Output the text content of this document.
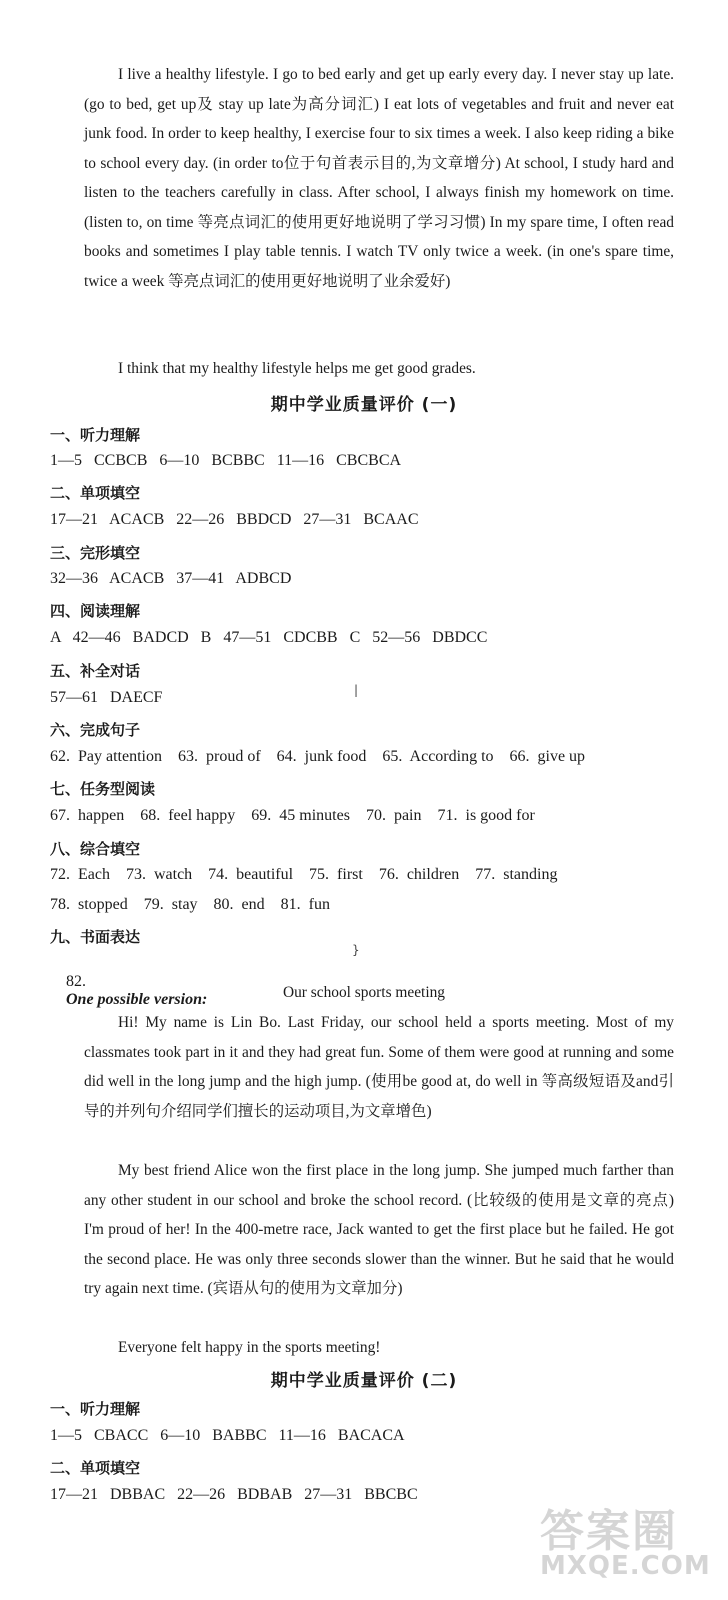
I live a healthy lifestyle. I go to bed early and get up early every day. I never stay up late. (go to bed, get up及 stay up late为高分词汇) I eat lots of vegetables and fruit and never eat junk food. In order to keep healthy, I exercise four to six times a week. I also keep riding a bike to school every day. (in order to位于句首表示目的,为文章增分) At school, I study hard and listen to the teachers carefully in class. After school, I always finish my homework on time. (listen to, on time 等亮点词汇的使用更好地说明了学习习惯) In my spare time, I often read books and sometimes I play table tennis. I watch TV only twice a week. (in one's spare time, twice a week 等亮点词汇的使用更好地说明了业余爱好)
I think that my healthy lifestyle helps me get good grades.
期中学业质量评价 (一)
一、听力理解
1—5   CCBCB   6—10   BCBBC   11—16   CBCBCA
二、单项填空
17—21   ACACB   22—26   BBDCD   27—31   BCAAC
三、完形填空
32—36   ACACB   37—41   ADBCD
四、阅读理解
A   42—46   BADCD   B   47—51   CDCBB   C   52—56   DBDCC
五、补全对话
57—61   DAECF
六、完成句子
62.  Pay attention    63.  proud of    64.  junk food    65.  According to    66.  give up
七、任务型阅读
67.  happen    68.  feel happy    69.  45 minutes    70.  pain    71.  is good for
八、综合填空
72.  Each    73.  watch    74.  beautiful    75.  first    76.  children    77.  standing
78.  stopped    79.  stay    80.  end    81.  fun
九、书面表达

82.
One possible version:
	Our school sports meeting
Hi! My name is Lin Bo. Last Friday, our school held a sports meeting. Most of my classmates took part in it and they had great fun. Some of them were good at running and some did well in the long jump and the high jump. (使用be good at, do well in 等高级短语及and引导的并列句介绍同学们擅长的运动项目,为文章增色)
My best friend Alice won the first place in the long jump. She jumped much farther than any other student in our school and broke the school record. (比较级的使用是文章的亮点) I'm proud of her! In the 400-metre race, Jack wanted to get the first place but he failed. He got the second place. He was only three seconds slower than the winner. But he said that he would try again next time. (宾语从句的使用为文章加分)
Everyone felt happy in the sports meeting!
期中学业质量评价 (二)
一、听力理解
1—5   CBACC   6—10   BABBC   11—16   BACACA
二、单项填空
17—21   DBBAC   22—26   BDBAB   27—31   BBCBC
|
}
答案圈
MXQE.COM
